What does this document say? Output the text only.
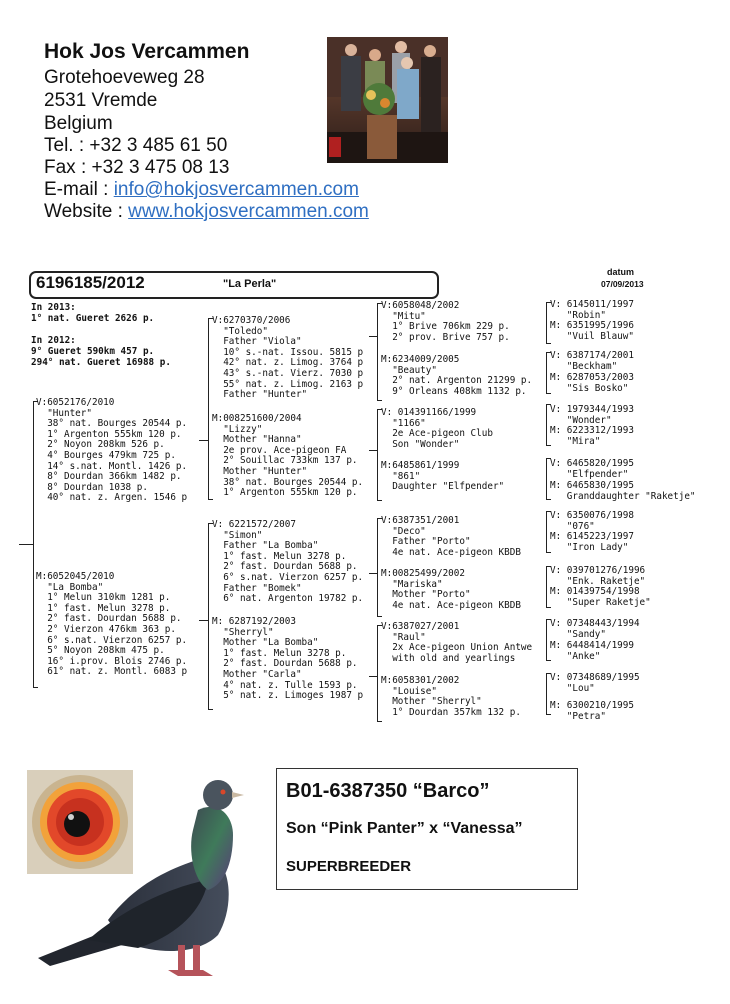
Hok Jos Vercammen
Grotehoeveweg 28
2531 Vremde
Belgium
Tel. : +32 3 485 61 50
Fax : +32 3 475 08 13
E-mail : info@hokjosvercammen.com
Website : www.hokjosvercammen.com
6196185/2012	"La Perla"
datum
07/09/2013
In 2013:
1° nat. Gueret 2626 p.
In 2012:
9° Gueret 590km 457 p.
294° nat. Gueret 16988 p.
V:6052176/2010
"Hunter"
38° nat. Bourges 20544 p.
1° Argenton 555km 120 p.
2° Noyon 208km 526 p.
4° Bourges 479km 725 p.
14° s.nat. Montl. 1426 p.
8° Dourdan 366km 1482 p.
8° Dourdan 1038 p.
40° nat. z. Argen. 1546 p
M:6052045/2010
"La Bomba"
1° Melun 310km 1281 p.
1° fast. Melun 3278 p.
2° fast. Dourdan 5688 p.
2° Vierzon 476km 363 p.
6° s.nat. Vierzon 6257 p.
5° Noyon 208km 475 p.
16° i.prov. Blois 2746 p.
61° nat. z. Montl. 6083 p
V:6270370/2006
"Toledo"
Father "Viola"
10° s.-nat. Issou. 5815 p
42° nat. z. Limog. 3764 p
43° s.-nat. Vierz. 7030 p
55° nat. z. Limog. 2163 p
Father "Hunter"
M:008251600/2004
"Lizzy"
Mother "Hanna"
2e prov. Ace-pigeon FA
2° Souillac 733km 137 p.
Mother "Hunter"
38° nat. Bourges 20544 p.
1° Argenton 555km 120 p.
V: 6221572/2007
"Simon"
Father "La Bomba"
1° fast. Melun 3278 p.
2° fast. Dourdan 5688 p.
6° s.nat. Vierzon 6257 p.
Father "Bomek"
6° nat. Argenton 19782 p.
M: 6287192/2003
"Sherryl"
Mother "La Bomba"
1° fast. Melun 3278 p.
2° fast. Dourdan 5688 p.
Mother "Carla"
4° nat. z. Tulle 1593 p.
5° nat. z. Limoges 1987 p
V:6058048/2002
"Mitu"
1° Brive 706km 229 p.
2° prov. Brive 757 p.
M:6234009/2005
"Beauty"
2° nat. Argenton 21299 p.
9° Orleans 408km 1132 p.
V: 014391166/1999
"1166"
2e Ace-pigeon Club
Son "Wonder"
M:6485861/1999
"861"
Daughter "Elfpender"
V:6387351/2001
"Deco"
Father "Porto"
4e nat. Ace-pigeon KBDB
M:00825499/2002
"Mariska"
Mother "Porto"
4e nat. Ace-pigeon KBDB
V:6387027/2001
"Raul"
2x Ace-pigeon Union Antwe
with old and yearlings
M:6058301/2002
"Louise"
Mother "Sherryl"
1° Dourdan 357km 132 p.
V: 6145011/1997
"Robin"
M: 6351995/1996
"Vuil Blauw"
V: 6387174/2001
"Beckham"
M: 6287053/2003
"Sis Bosko"
V: 1979344/1993
"Wonder"
M: 6223312/1993
"Mira"
V: 6465820/1995
"Elfpender"
M: 6465830/1995
Granddaughter "Raketje"
V: 6350076/1998
"076"
M: 6145223/1997
"Iron Lady"
V: 039701276/1996
"Enk. Raketje"
M: 01439754/1998
"Super Raketje"
V: 07348443/1994
"Sandy"
M: 6448414/1999
"Anke"
V: 07348689/1995
"Lou"
M: 6300210/1995
"Petra"
B01-6387350 “Barco”
Son “Pink Panter” x “Vanessa”
SUPERBREEDER
